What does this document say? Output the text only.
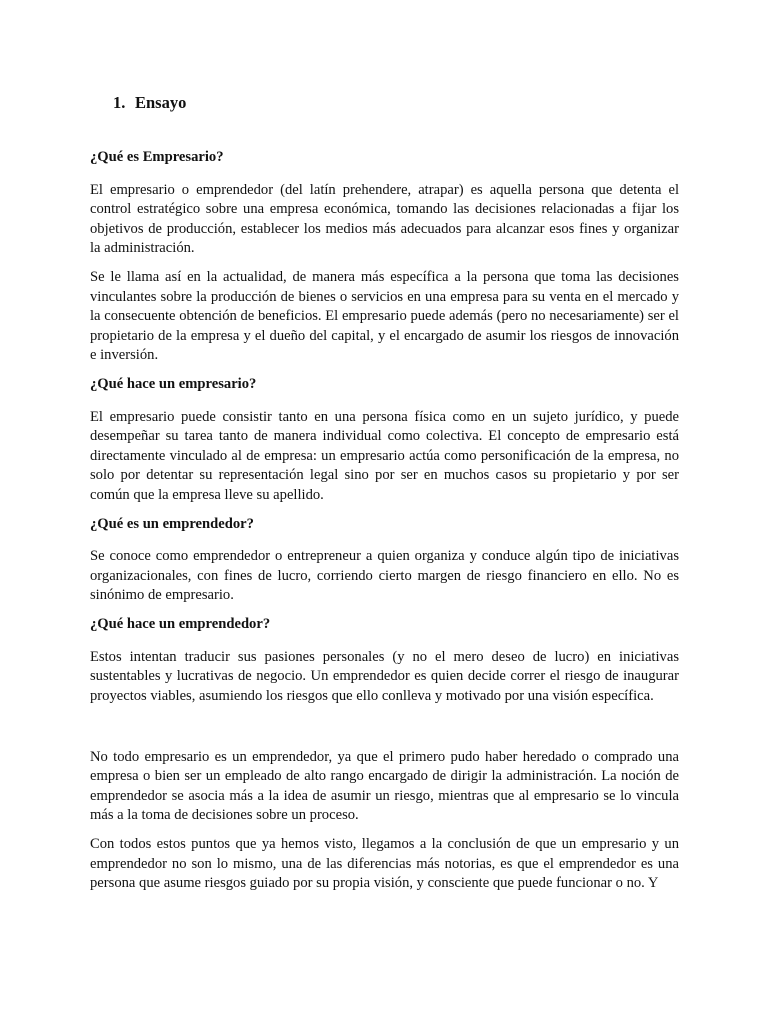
1. Ensayo

¿Qué es Empresario?

El empresario o emprendedor (del latín prehendere, atrapar) es aquella persona que detenta el control estratégico sobre una empresa económica, tomando las decisiones relacionadas a fijar los objetivos de producción, establecer los medios más adecuados para alcanzar esos fines y organizar la administración.

Se le llama así en la actualidad, de manera más específica a la persona que toma las decisiones vinculantes sobre la producción de bienes o servicios en una empresa para su venta en el mercado y la consecuente obtención de beneficios. El empresario puede además (pero no necesariamente) ser el propietario de la empresa y el dueño del capital, y el encargado de asumir los riesgos de innovación e inversión.

¿Qué hace un empresario?

El empresario puede consistir tanto en una persona física como en un sujeto jurídico, y puede desempeñar su tarea tanto de manera individual como colectiva. El concepto de empresario está directamente vinculado al de empresa: un empresario actúa como personificación de la empresa, no solo por detentar su representación legal sino por ser en muchos casos su propietario y por ser común que la empresa lleve su apellido.

¿Qué es un emprendedor?

Se conoce como emprendedor o entrepreneur a quien organiza y conduce algún tipo de iniciativas organizacionales, con fines de lucro, corriendo cierto margen de riesgo financiero en ello. No es sinónimo de empresario.

¿Qué hace un emprendedor?

Estos intentan traducir sus pasiones personales (y no el mero deseo de lucro) en iniciativas sustentables y lucrativas de negocio. Un emprendedor es quien decide correr el riesgo de inaugurar proyectos viables, asumiendo los riesgos que ello conlleva y motivado por una visión específica.

No todo empresario es un emprendedor, ya que el primero pudo haber heredado o comprado una empresa o bien ser un empleado de alto rango encargado de dirigir la administración. La noción de emprendedor se asocia más a la idea de asumir un riesgo, mientras que al empresario se lo vincula más a la toma de decisiones sobre un proceso.

Con todos estos puntos que ya hemos visto, llegamos a la conclusión de que un empresario y un emprendedor no son lo mismo, una de las diferencias más notorias, es que el emprendedor es una persona que asume riesgos guiado por su propia visión, y consciente que puede funcionar o no. Y
